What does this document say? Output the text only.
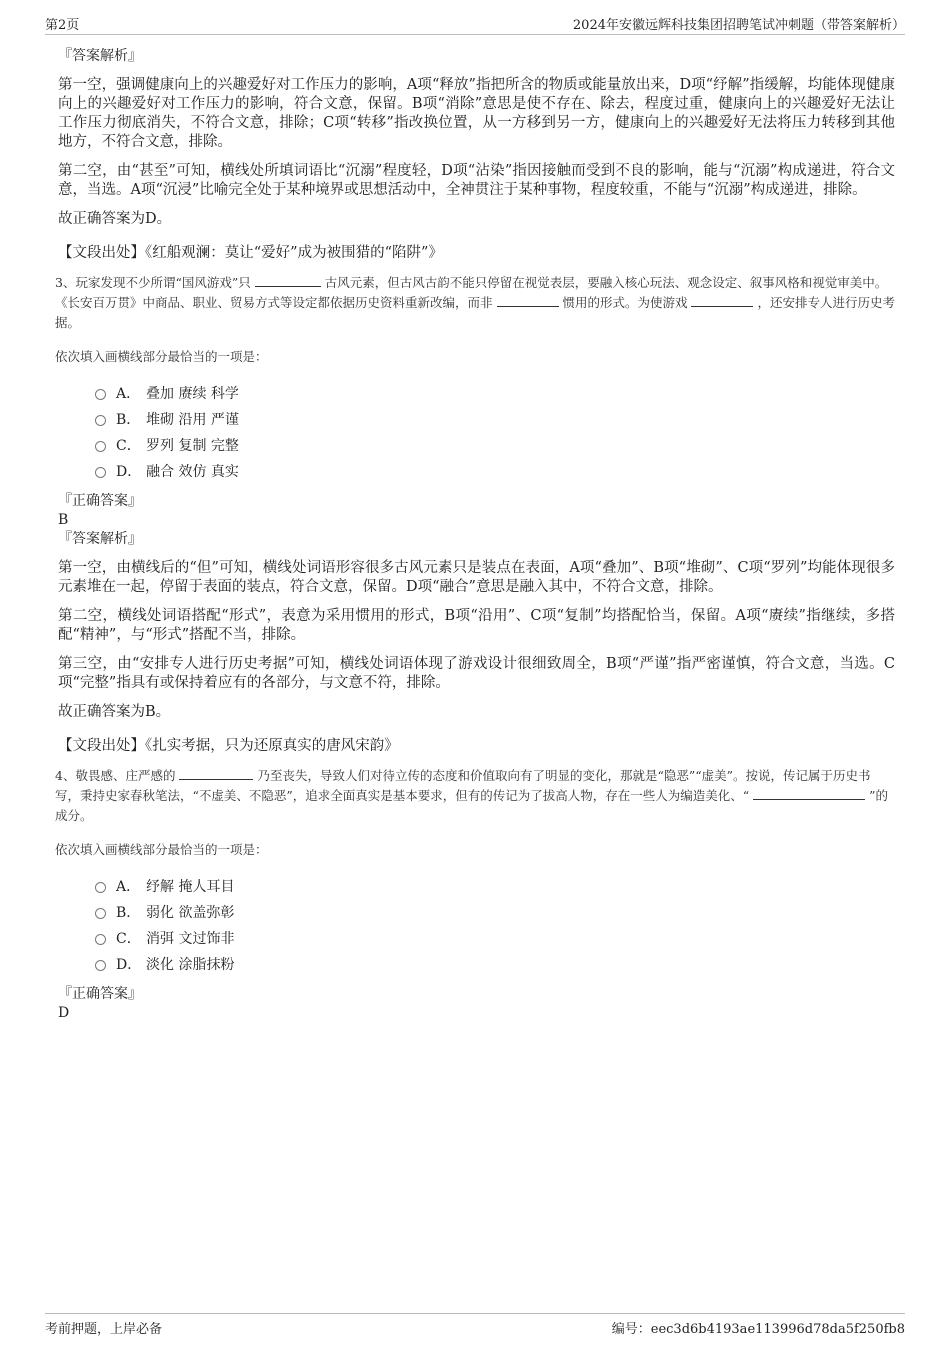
第2页	2024年安徽远辉科技集团招聘笔试冲刺题（带答案解析）
『答案解析』
第一空，强调健康向上的兴趣爱好对工作压力的影响，A项“释放”指把所含的物质或能量放出来，D项“纾解”指缓解，均能体现健康向上的兴趣爱好对工作压力的影响，符合文意，保留。B项“消除”意思是使不存在、除去，程度过重，健康向上的兴趣爱好无法让工作压力彻底消失，不符合文意，排除；C项“转移”指改换位置，从一方移到另一方，健康向上的兴趣爱好无法将压力转移到其他地方，不符合文意，排除。
第二空，由“甚至”可知，横线处所填词语比“沉溺”程度轻，D项“沾染”指因接触而受到不良的影响，能与“沉溺”构成递进，符合文意，当选。A项“沉浸”比喻完全处于某种境界或思想活动中，全神贯注于某种事物，程度较重，不能与“沉溺”构成递进，排除。
故正确答案为D。
【文段出处】《红船观澜：莫让“爱好”成为被围猎的“陷阱”》
3、玩家发现不少所谓“国风游戏”只	古风元素，但古风古韵不能只停留在视觉表层，要融入核心玩法、观念设定、叙事风格和视觉审美中。《长安百万贯》中商品、职业、贸易方式等设定都依据历史资料重新改编，而非	惯用的形式。为使游戏	，还安排专人进行历史考据。
依次填入画横线部分最恰当的一项是：
A． 叠加 赓续 科学
B． 堆砌 沿用 严谨
C． 罗列 复制 完整
D． 融合 效仿 真实
『正确答案』
B
『答案解析』
第一空，由横线后的“但”可知，横线处词语形容很多古风元素只是装点在表面，A项“叠加”、B项“堆砌”、C项“罗列”均能体现很多元素堆在一起，停留于表面的装点，符合文意，保留。D项“融合”意思是融入其中，不符合文意，排除。
第二空，横线处词语搭配“形式”，表意为采用惯用的形式，B项“沿用”、C项“复制”均搭配恰当，保留。A项“赓续”指继续，多搭配“精神”，与“形式”搭配不当，排除。
第三空，由“安排专人进行历史考据”可知，横线处词语体现了游戏设计很细致周全，B项“严谨”指严密谨慎，符合文意，当选。C项“完整”指具有或保持着应有的各部分，与文意不符，排除。
故正确答案为B。
【文段出处】《扎实考据，只为还原真实的唐风宋韵》
4、敬畏感、庄严感的	乃至丧失，导致人们对待立传的态度和价值取向有了明显的变化，那就是“隐恶”“虚美”。按说，传记属于历史书写，秉持史家春秋笔法，“不虚美、不隐恶”，追求全面真实是基本要求，但有的传记为了拔高人物，存在一些人为编造美化、“	”的成分。
依次填入画横线部分最恰当的一项是：
A． 纾解 掩人耳目
B． 弱化 欲盖弥彰
C． 消弭 文过饰非
D． 淡化 涂脂抹粉
『正确答案』
D
考前押题，上岸必备	编号：eec3d6b4193ae113996d78da5f250fb8
